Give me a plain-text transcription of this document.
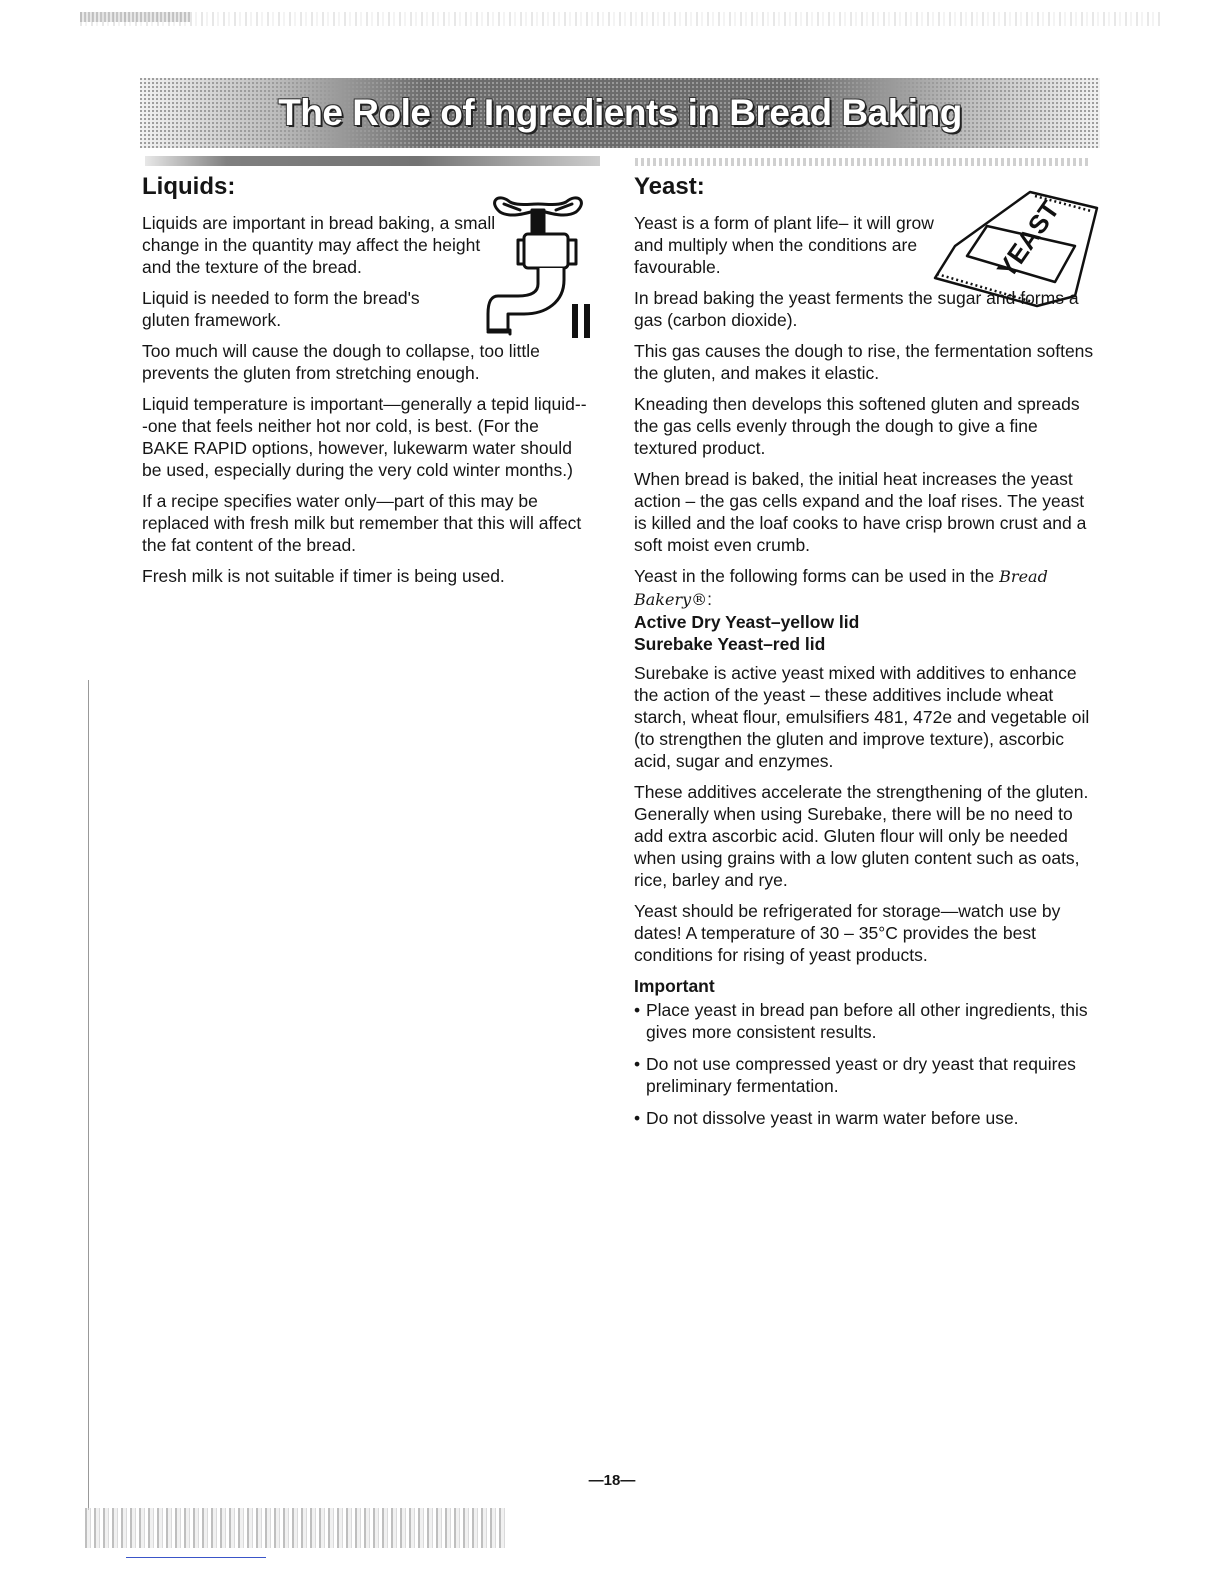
The Role of Ingredients in Bread Baking
YEAST
Liquids:

Liquids are important in bread baking, a small change in the quantity may affect the height and the texture of the bread.

Liquid is needed to form the bread's gluten framework.

Too much will cause the dough to collapse, too little prevents the gluten from stretching enough.

Liquid temperature is important—generally a tepid liquid---one that feels neither hot nor cold, is best. (For the BAKE RAPID options, however, lukewarm water should be used, especially during the very cold winter months.)

If a recipe specifies water only—part of this may be replaced with fresh milk but remember that this will affect the fat content of the bread.

Fresh milk is not suitable if timer is being used.

Yeast:

Yeast is a form of plant life– it will grow and multiply when the conditions are favourable.

In bread baking the yeast ferments the sugar and forms a gas (carbon dioxide).

This gas causes the dough to rise, the fermentation softens the gluten, and makes it elastic.

Kneading then develops this softened gluten and spreads the gas cells evenly through the dough to give a fine textured product.

When bread is baked, the initial heat increases the yeast action – the gas cells expand and the loaf rises. The yeast is killed and the loaf cooks to have crisp brown crust and a soft moist even crumb.

Yeast in the following forms can be used in the Bread Bakery®:
Active Dry Yeast–yellow lid
Surebake Yeast–red lid

Surebake is active yeast mixed with additives to enhance the action of the yeast – these additives include wheat starch, wheat flour, emulsifiers 481, 472e and vegetable oil (to strengthen the gluten and improve texture), ascorbic acid, sugar and enzymes.

These additives accelerate the strengthening of the gluten. Generally when using Surebake, there will be no need to add extra ascorbic acid. Gluten flour will only be needed when using grains with a low gluten content such as oats, rice, barley and rye.

Yeast should be refrigerated for storage—watch use by dates! A temperature of 30 – 35°C provides the best conditions for rising of yeast products.

Important

• Place yeast in bread pan before all other ingredients, this gives more consistent results.
• Do not use compressed yeast or dry yeast that requires preliminary fermentation.
• Do not dissolve yeast in warm water before use.
—18—
